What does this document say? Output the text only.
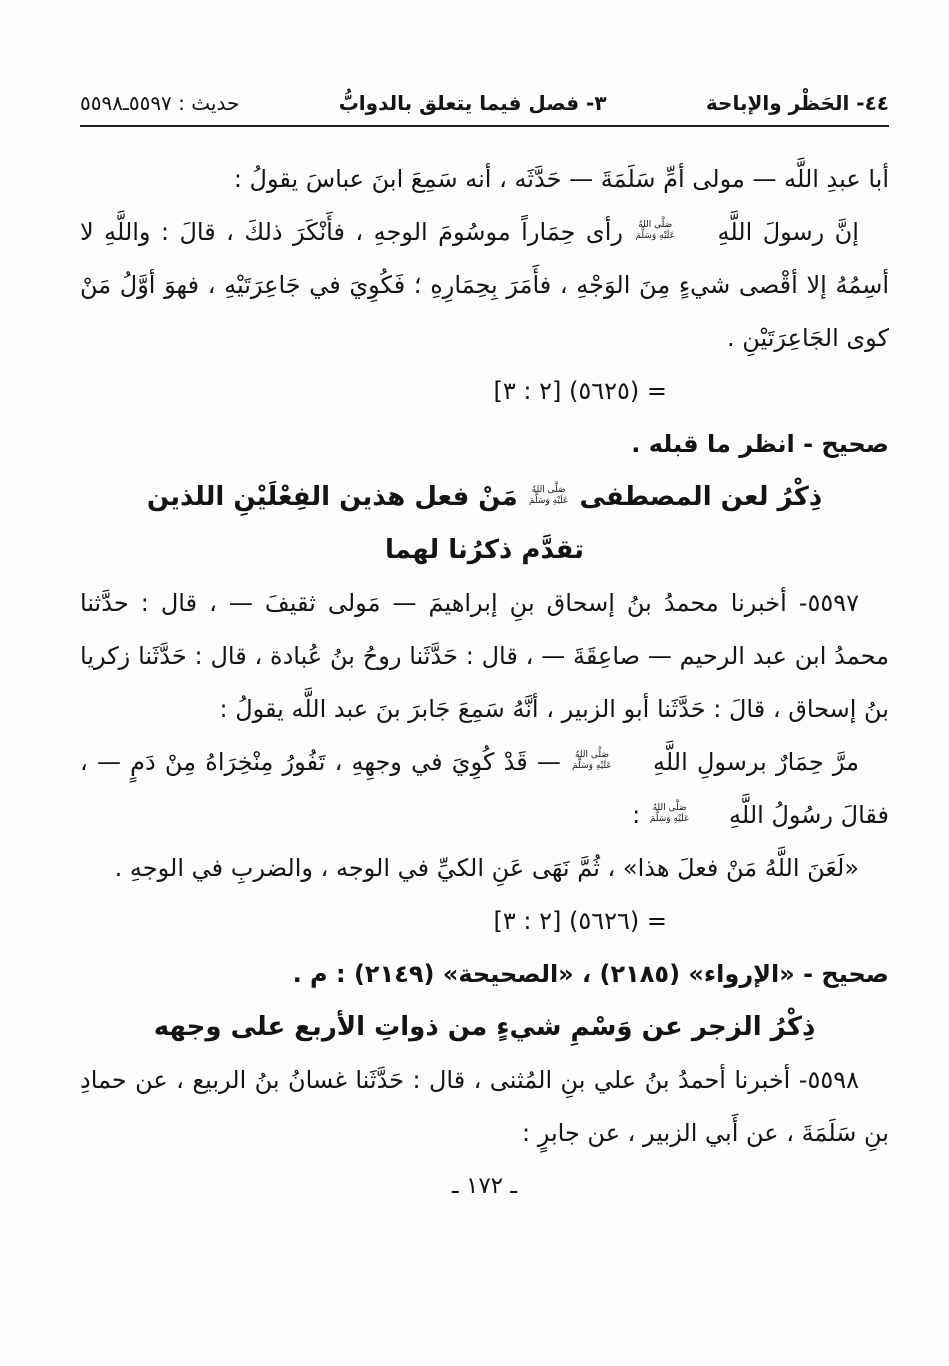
٤٤- الحَظْر والإباحة
٣- فصل فيما يتعلق بالدوابُّ
حديث : ٥٥٩٧ـ٥٥٩٨

أبا عبدِ اللَّه — مولى أمِّ سَلَمَةَ — حَدَّثَه ، أنه سَمِعَ ابنَ عباسَ يقولُ :

إنَّ رسولَ اللَّهِ
صَلَّى اللهُ
عَلَيْهِ وَسَلَّمَ
رأى حِمَاراً موسُومَ الوجهِ ، فأَنْكَرَ ذلكَ ، قالَ : واللَّهِ لا أسِمُهُ إلا أقْصى شيءٍ مِنَ الوَجْهِ ، فأَمَرَ بِحِمَارِهِ ؛ فَكُوِيَ في جَاعِرَتَيْهِ ، فهوَ أوَّلُ مَنْ كوى الجَاعِرَتَيْنِ .

= (٥٦٢٥) [٢ : ٣]

صحيح - انظر ما قبله .

ذِكْرُ لعن المصطفى
صَلَّى اللهُ
عَلَيْهِ وَسَلَّمَ
مَنْ فعل هذين الفِعْلَيْنِ اللذين
تقدَّم ذكرُنا لهما

٥٥٩٧- أخبرنا محمدُ بنُ إسحاق بنِ إبراهيمَ — مَولى ثقيفَ — ، قال : حدَّثنا محمدُ ابن عبد الرحيم — صاعِقَةَ — ، قال : حَدَّثَنا روحُ بنُ عُبادة ، قال : حَدَّثَنا زكريا بنُ إسحاق ، قالَ : حَدَّثَنا أبو الزبير ، أنَّهُ سَمِعَ جَابرَ بنَ عبد اللَّه يقولُ :

مرَّ حِمَارٌ برسولِ اللَّهِ
صَلَّى اللهُ
عَلَيْهِ وَسَلَّمَ
— قَدْ كُوِيَ في وجهِهِ ، تَفُورُ مِنْخِرَاهُ مِنْ دَمٍ — ، فقالَ رسُولُ اللَّهِ
صَلَّى اللهُ
عَلَيْهِ وَسَلَّمَ
:

«لَعَنَ اللَّهُ مَنْ فعلَ هذا» ، ثُمَّ نَهَى عَنِ الكيِّ في الوجه ، والضربِ في الوجهِ .

= (٥٦٢٦) [٢ : ٣]

صحيح - «الإرواء» (٢١٨٥) ، «الصحيحة» (٢١٤٩) : م .

ذِكْرُ الزجر عن وَسْمِ شيءٍ من ذواتِ الأربع على وجهه

٥٥٩٨- أخبرنا أحمدُ بنُ علي بنِ المُثنى ، قال : حَدَّثَنا غسانُ بنُ الربيع ، عن حمادِ بنِ سَلَمَةَ ، عن أَبي الزبير ، عن جابرٍ :

ـ ١٧٢ ـ
